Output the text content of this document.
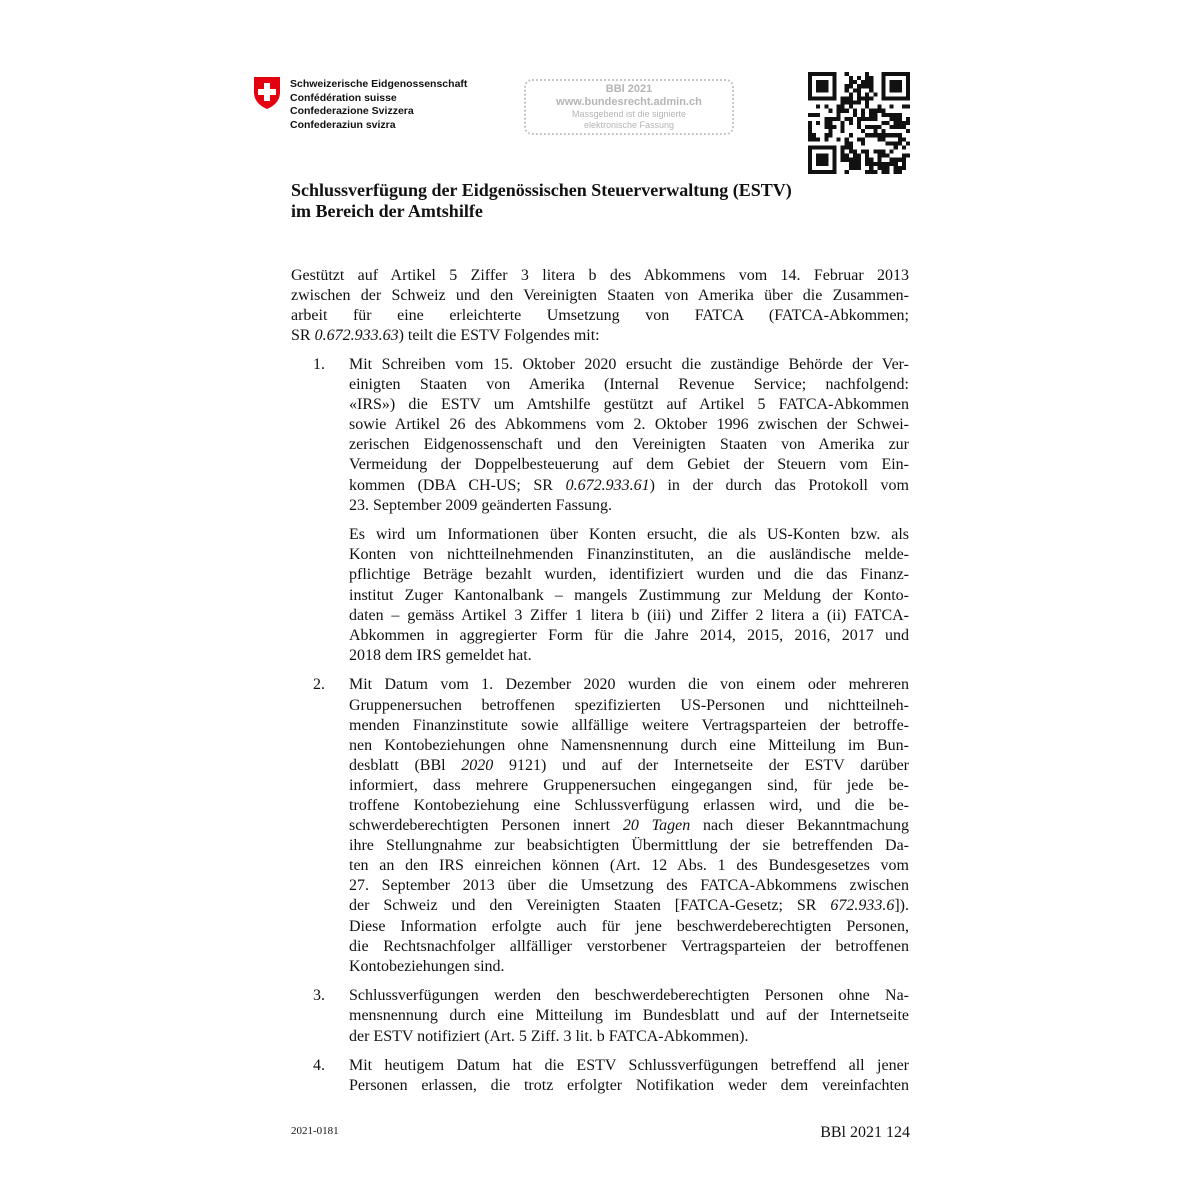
Schweizerische Eidgenossenschaft
Confédération suisse
Confederazione Svizzera
Confederaziun svizra
BBl 2021
www.bundesrecht.admin.ch
Massgebend ist die signierte
elektronische Fassung
Schlussverfügung der Eidgenössischen Steuerverwaltung (ESTV)
im Bereich der Amtshilfe
Gestützt auf Artikel 5 Ziffer 3 litera b des Abkommens vom 14. Februar 2013
zwischen der Schweiz und den Vereinigten Staaten von Amerika über die Zusammen-
arbeit für eine erleichterte Umsetzung von FATCA (FATCA-Abkommen;
SR 0.672.933.63) teilt die ESTV Folgendes mit:
1. Mit Schreiben vom 15. Oktober 2020 ersucht die zuständige Behörde der Ver-
einigten Staaten von Amerika (Internal Revenue Service; nachfolgend:
«IRS») die ESTV um Amtshilfe gestützt auf Artikel 5 FATCA-Abkommen
sowie Artikel 26 des Abkommens vom 2. Oktober 1996 zwischen der Schwei-
zerischen Eidgenossenschaft und den Vereinigten Staaten von Amerika zur
Vermeidung der Doppelbesteuerung auf dem Gebiet der Steuern vom Ein-
kommen (DBA CH-US; SR 0.672.933.61) in der durch das Protokoll vom
23. September 2009 geänderten Fassung.
Es wird um Informationen über Konten ersucht, die als US-Konten bzw. als
Konten von nichtteilnehmenden Finanzinstituten, an die ausländische melde-
pflichtige Beträge bezahlt wurden, identifiziert wurden und die das Finanz-
institut Zuger Kantonalbank – mangels Zustimmung zur Meldung der Konto-
daten – gemäss Artikel 3 Ziffer 1 litera b (iii) und Ziffer 2 litera a (ii) FATCA-
Abkommen in aggregierter Form für die Jahre 2014, 2015, 2016, 2017 und
2018 dem IRS gemeldet hat.
2. Mit Datum vom 1. Dezember 2020 wurden die von einem oder mehreren
Gruppenersuchen betroffenen spezifizierten US-Personen und nichtteilneh-
menden Finanzinstitute sowie allfällige weitere Vertragsparteien der betroffe-
nen Kontobeziehungen ohne Namensnennung durch eine Mitteilung im Bun-
desblatt (BBl 2020 9121) und auf der Internetseite der ESTV darüber
informiert, dass mehrere Gruppenersuchen eingegangen sind, für jede be-
troffene Kontobeziehung eine Schlussverfügung erlassen wird, und die be-
schwerdeberechtigten Personen innert 20 Tagen nach dieser Bekanntmachung
ihre Stellungnahme zur beabsichtigten Übermittlung der sie betreffenden Da-
ten an den IRS einreichen können (Art. 12 Abs. 1 des Bundesgesetzes vom
27. September 2013 über die Umsetzung des FATCA-Abkommens zwischen
der Schweiz und den Vereinigten Staaten [FATCA-Gesetz; SR 672.933.6]).
Diese Information erfolgte auch für jene beschwerdeberechtigten Personen,
die Rechtsnachfolger allfälliger verstorbener Vertragsparteien der betroffenen
Kontobeziehungen sind.
3. Schlussverfügungen werden den beschwerdeberechtigten Personen ohne Na-
mensnennung durch eine Mitteilung im Bundesblatt und auf der Internetseite
der ESTV notifiziert (Art. 5 Ziff. 3 lit. b FATCA-Abkommen).
4. Mit heutigem Datum hat die ESTV Schlussverfügungen betreffend all jener
Personen erlassen, die trotz erfolgter Notifikation weder dem vereinfachten
2021-0181	BBl 2021 124
